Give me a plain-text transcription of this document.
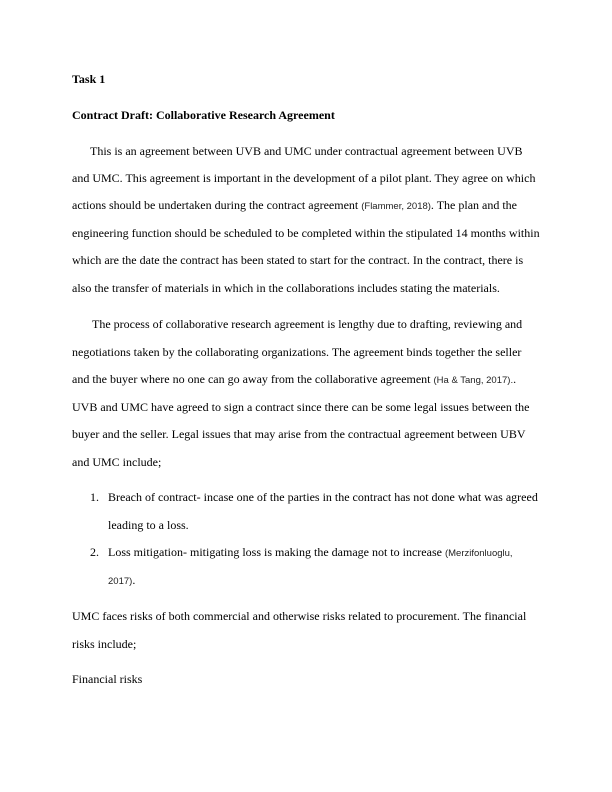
Task 1
Contract Draft: Collaborative Research Agreement
This is an agreement between UVB and UMC under contractual agreement between UVB
and UMC. This agreement is important in the development of a pilot plant. They agree on which
actions should be undertaken during the contract agreement (Flammer, 2018). The plan and the
engineering function should be scheduled to be completed within the stipulated 14 months within
which are the date the contract has been stated to start for the contract. In the contract, there is
also the transfer of materials in which in the collaborations includes stating the materials.
The process of collaborative research agreement is lengthy due to drafting, reviewing and
negotiations taken by the collaborating organizations. The agreement binds together the seller
and the buyer where no one can go away from the collaborative agreement (Ha & Tang, 2017)..
UVB and UMC have agreed to sign a contract since there can be some legal issues between the
buyer and the seller. Legal issues that may arise from the contractual agreement between UBV
and UMC include;
1. Breach of contract- incase one of the parties in the contract has not done what was agreed
leading to a loss.
2. Loss mitigation- mitigating loss is making the damage not to increase (Merzifonluoglu,
2017).
UMC faces risks of both commercial and otherwise risks related to procurement. The financial
risks include;
Financial risks
